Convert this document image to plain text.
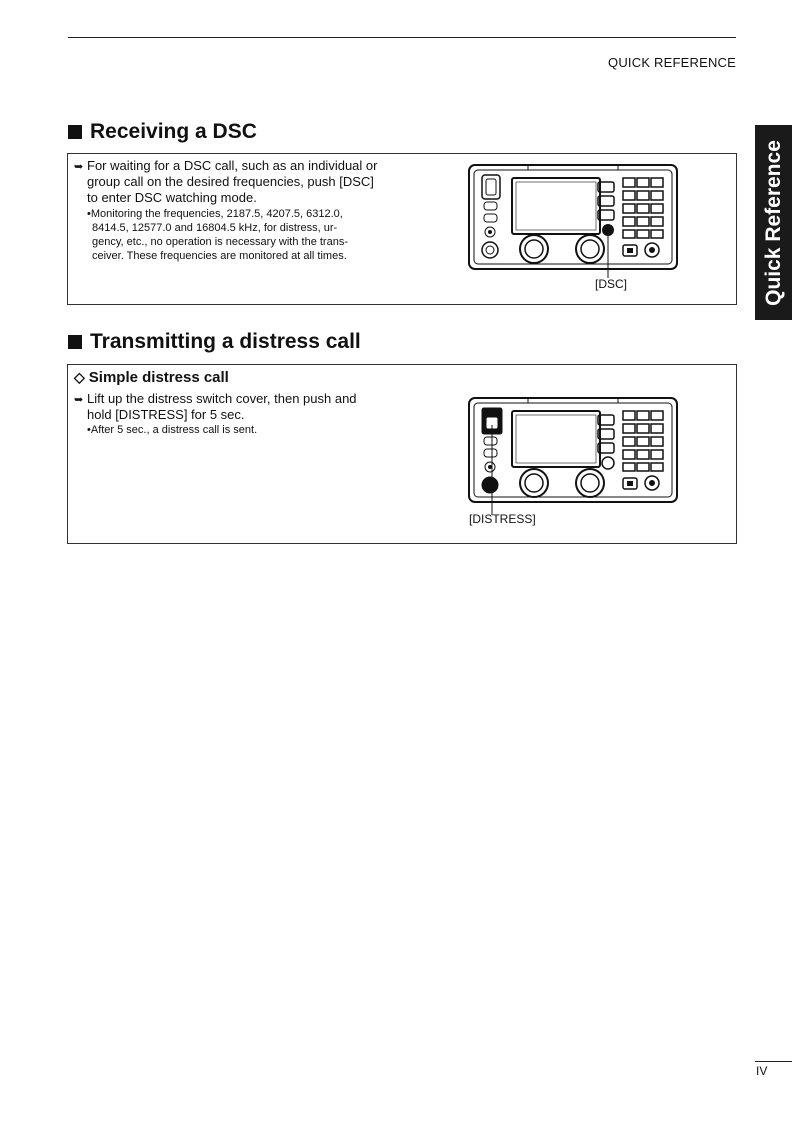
QUICK REFERENCE
Quick Reference
Receiving a DSC
➥ For waiting for a DSC call, such as an individual or
group call on the desired frequencies, push [DSC]
to enter DSC watching mode.
•Monitoring the frequencies, 2187.5, 4207.5, 6312.0,
8414.5, 12577.0 and 16804.5 kHz, for distress, ur-
gency, etc., no operation is necessary with the trans-
ceiver. These frequencies are monitored at all times.
[DSC]
Transmitting a distress call
◇ Simple distress call
➥ Lift up the distress switch cover, then push and
hold [DISTRESS] for 5 sec.
•After 5 sec., a distress call is sent.
[DISTRESS]
IV
